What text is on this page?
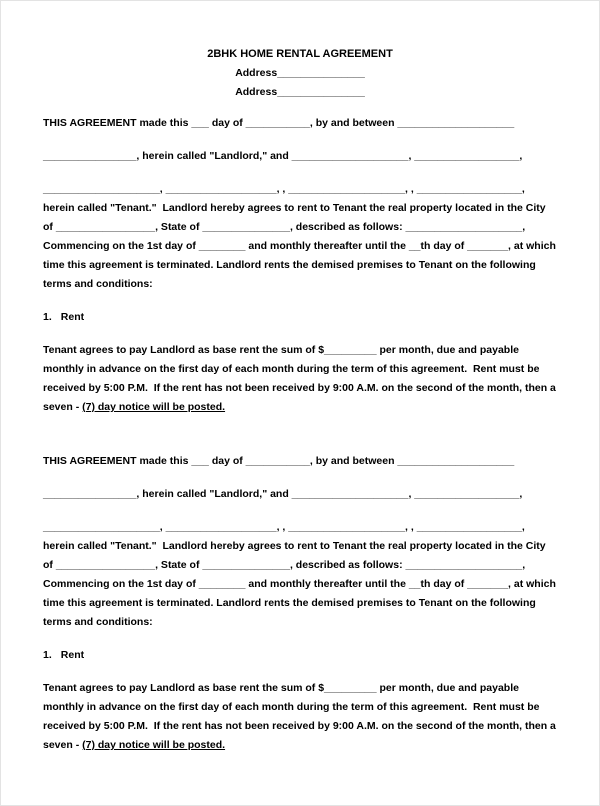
2BHK HOME RENTAL AGREEMENT
Address_______________
Address_______________

THIS AGREEMENT made this ___ day of ___________, by and between ____________________

________________, herein called "Landlord," and ____________________, __________________,

____________________, ___________________, , ____________________, , __________________, herein called "Tenant."  Landlord hereby agrees to rent to Tenant the real property located in the City of _________________, State of _______________, described as follows: ____________________, Commencing on the 1st day of ________ and monthly thereafter until the __th day of _______, at which time this agreement is terminated. Landlord rents the demised premises to Tenant on the following terms and conditions:

1. Rent

Tenant agrees to pay Landlord as base rent the sum of $_________ per month, due and payable monthly in advance on the first day of each month during the term of this agreement.  Rent must be received by 5:00 P.M.  If the rent has not been received by 9:00 A.M. on the second of the month, then a seven - (7) day notice will be posted.

THIS AGREEMENT made this ___ day of ___________, by and between ____________________

________________, herein called "Landlord," and ____________________, __________________,

____________________, ___________________, , ____________________, , __________________, herein called "Tenant."  Landlord hereby agrees to rent to Tenant the real property located in the City of _________________, State of _______________, described as follows: ____________________, Commencing on the 1st day of ________ and monthly thereafter until the __th day of _______, at which time this agreement is terminated. Landlord rents the demised premises to Tenant on the following terms and conditions:

1. Rent

Tenant agrees to pay Landlord as base rent the sum of $_________ per month, due and payable monthly in advance on the first day of each month during the term of this agreement.  Rent must be received by 5:00 P.M.  If the rent has not been received by 9:00 A.M. on the second of the month, then a seven - (7) day notice will be posted.
